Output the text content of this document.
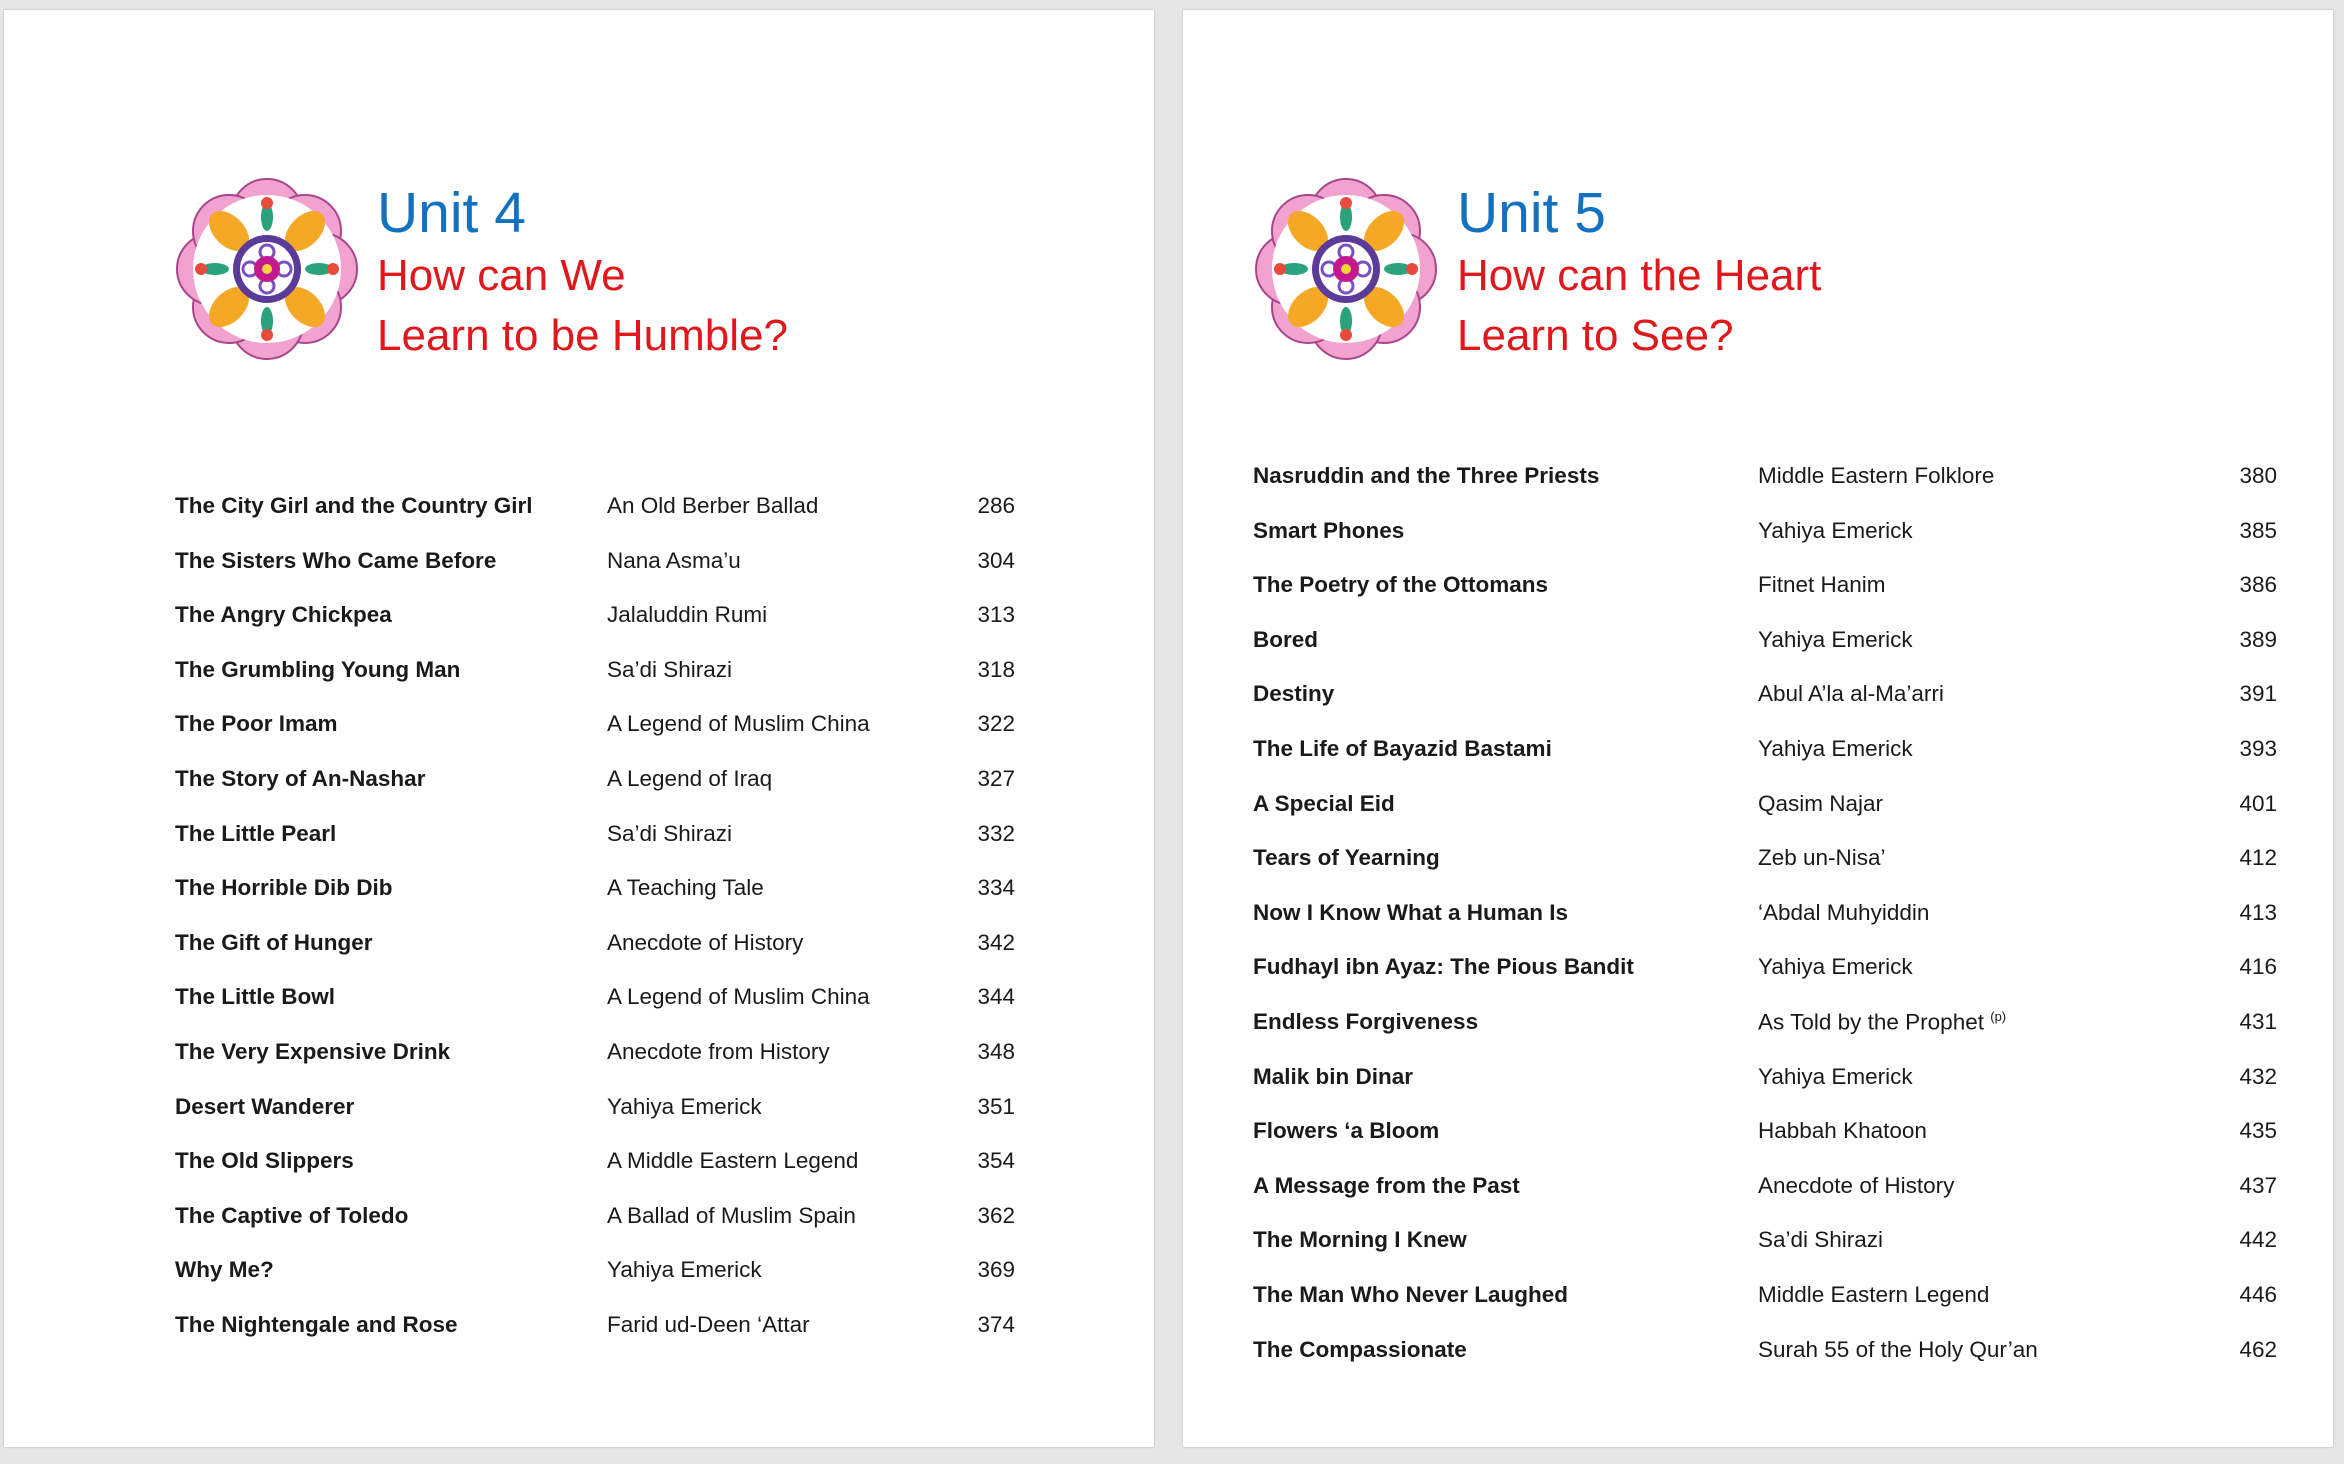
Unit 4
How can We
Learn to be Humble?
The City Girl and the Country Girl	An Old Berber Ballad	286
The Sisters Who Came Before	Nana Asma’u	304
The Angry Chickpea	Jalaluddin Rumi	313
The Grumbling Young Man	Sa’di Shirazi	318
The Poor Imam	A Legend of Muslim China	322
The Story of An-Nashar	A Legend of Iraq	327
The Little Pearl	Sa’di Shirazi	332
The Horrible Dib Dib	A Teaching Tale	334
The Gift of Hunger	Anecdote of History	342
The Little Bowl	A Legend of Muslim China	344
The Very Expensive Drink	Anecdote from History	348
Desert Wanderer	Yahiya Emerick	351
The Old Slippers	A Middle Eastern Legend	354
The Captive of Toledo	A Ballad of Muslim Spain	362
Why Me?	Yahiya Emerick	369
The Nightengale and Rose	Farid ud-Deen ‘Attar	374
Unit 5
How can the Heart
Learn to See?
Nasruddin and the Three Priests	Middle Eastern Folklore	380
Smart Phones	Yahiya Emerick	385
The Poetry of the Ottomans	Fitnet Hanim	386
Bored	Yahiya Emerick	389
Destiny	Abul A’la al-Ma’arri	391
The Life of Bayazid Bastami	Yahiya Emerick	393
A Special Eid	Qasim Najar	401
Tears of Yearning	Zeb un-Nisa’	412
Now I Know What a Human Is	‘Abdal Muhyiddin	413
Fudhayl ibn Ayaz: The Pious Bandit	Yahiya Emerick	416
Endless Forgiveness	As Told by the Prophet $^{(p)}$	431
Malik bin Dinar	Yahiya Emerick	432
Flowers ‘a Bloom	Habbah Khatoon	435
A Message from the Past	Anecdote of History	437
The Morning I Knew	Sa’di Shirazi	442
The Man Who Never Laughed	Middle Eastern Legend	446
The Compassionate	Surah 55 of the Holy Qur’an	462
